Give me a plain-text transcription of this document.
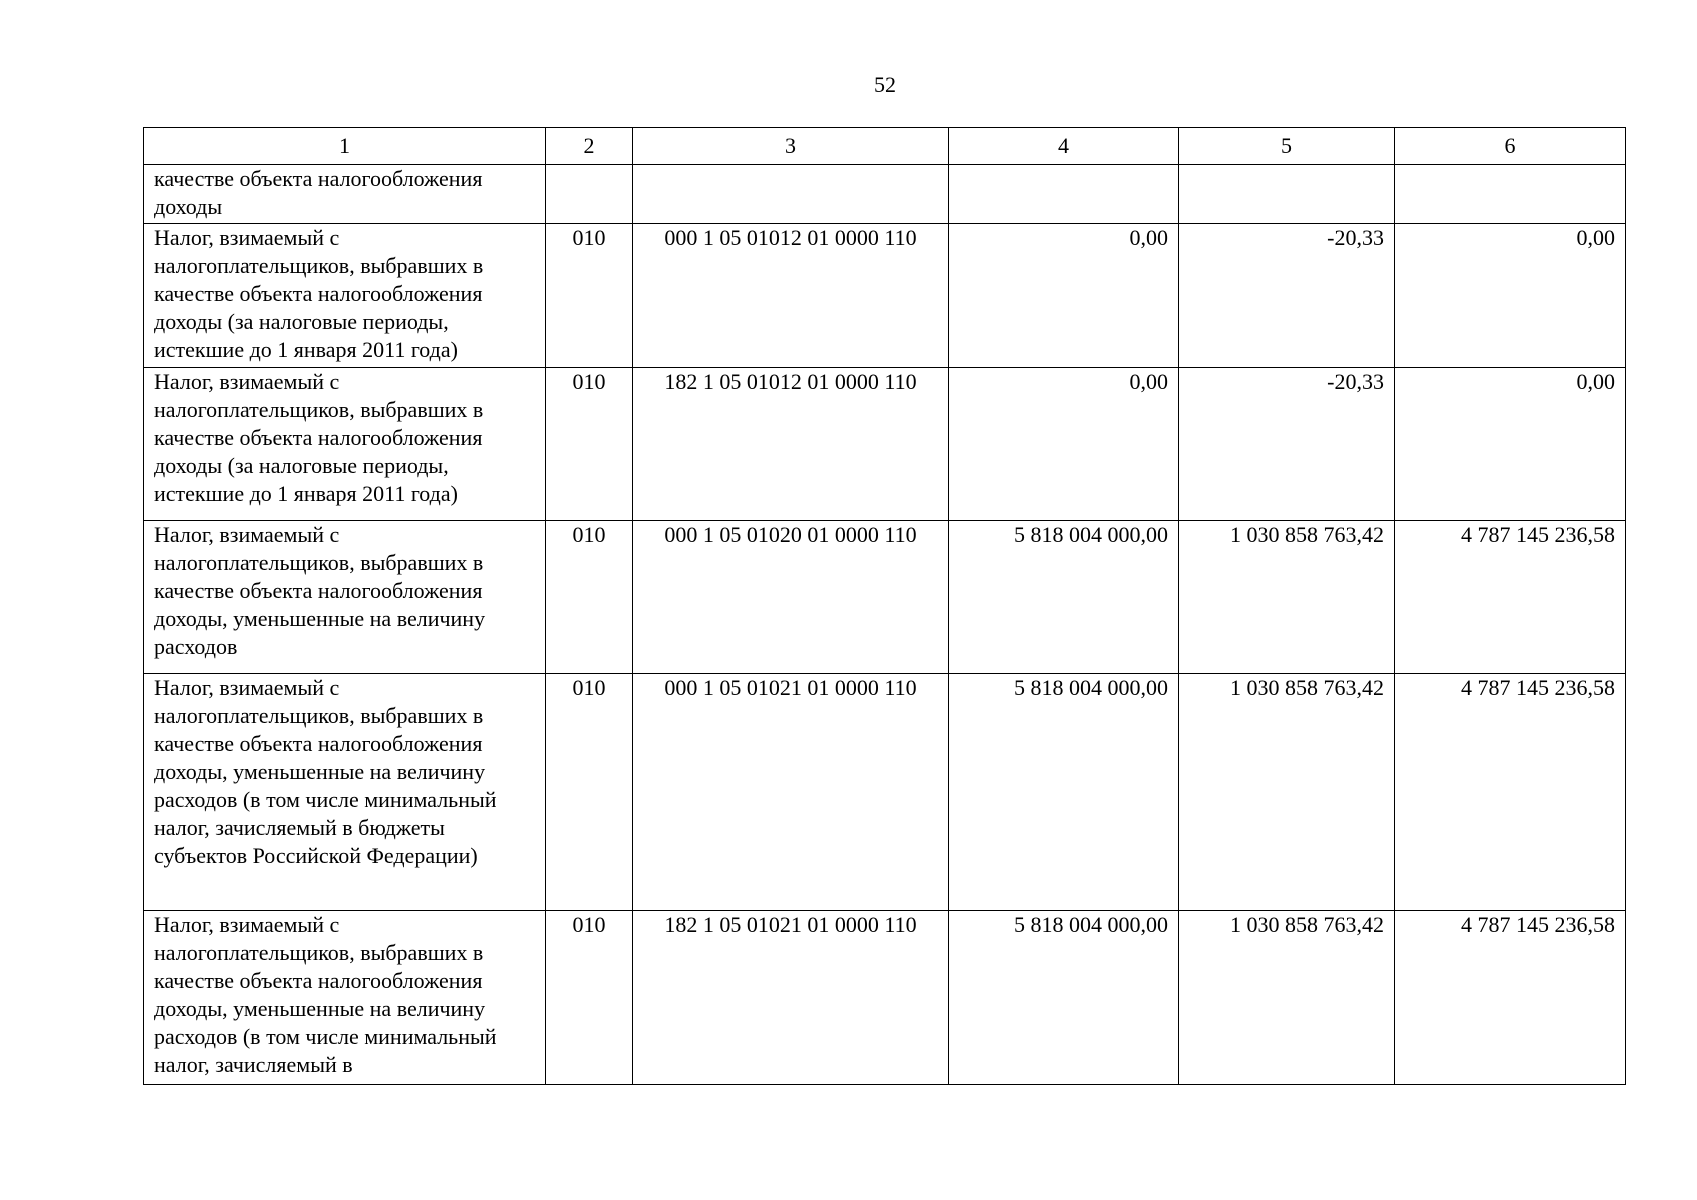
52
1	2	3	4	5	6
качестве объекта налогообложения доходы					
Налог, взимаемый с налогоплательщиков, выбравших в качестве объекта налогообложения доходы (за налоговые периоды, истекшие до 1 января 2011 года)	010	000 1 05 01012 01 0000 110	0,00	-20,33	0,00
Налог, взимаемый с налогоплательщиков, выбравших в качестве объекта налогообложения доходы (за налоговые периоды, истекшие до 1 января 2011 года)	010	182 1 05 01012 01 0000 110	0,00	-20,33	0,00
Налог, взимаемый с налогоплательщиков, выбравших в качестве объекта налогообложения доходы, уменьшенные на величину расходов	010	000 1 05 01020 01 0000 110	5 818 004 000,00	1 030 858 763,42	4 787 145 236,58
Налог, взимаемый с налогоплательщиков, выбравших в качестве объекта налогообложения доходы, уменьшенные на величину расходов (в том числе минимальный налог, зачисляемый в бюджеты субъектов Российской Федерации)	010	000 1 05 01021 01 0000 110	5 818 004 000,00	1 030 858 763,42	4 787 145 236,58
Налог, взимаемый с налогоплательщиков, выбравших в качестве объекта налогообложения доходы, уменьшенные на величину расходов (в том числе минимальный налог, зачисляемый в	010	182 1 05 01021 01 0000 110	5 818 004 000,00	1 030 858 763,42	4 787 145 236,58
